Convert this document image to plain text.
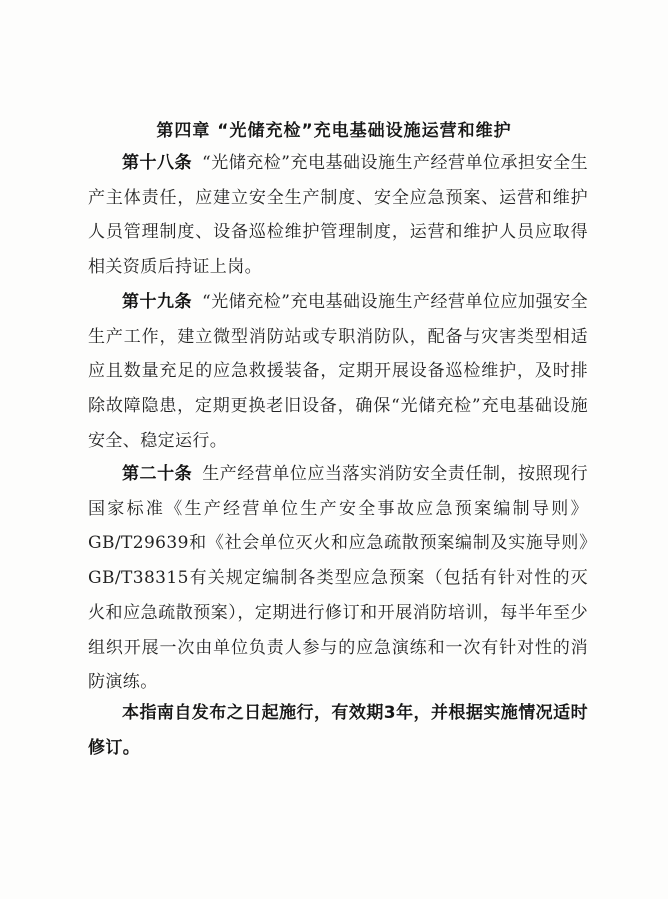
第四章 “光储充检”充电基础设施运营和维护

第十八条 “光储充检”充电基础设施生产经营单位承担安全生产主体责任，应建立安全生产制度、安全应急预案、运营和维护人员管理制度、设备巡检维护管理制度，运营和维护人员应取得相关资质后持证上岗。

第十九条 “光储充检”充电基础设施生产经营单位应加强安全生产工作，建立微型消防站或专职消防队，配备与灾害类型相适应且数量充足的应急救援装备，定期开展设备巡检维护，及时排除故障隐患，定期更换老旧设备，确保“光储充检”充电基础设施安全、稳定运行。

第二十条 生产经营单位应当落实消防安全责任制，按照现行国家标准《生产经营单位生产安全事故应急预案编制导则》GB/T29639和《社会单位灭火和应急疏散预案编制及实施导则》GB/T38315有关规定编制各类型应急预案（包括有针对性的灭火和应急疏散预案），定期进行修订和开展消防培训，每半年至少组织开展一次由单位负责人参与的应急演练和一次有针对性的消防演练。

本指南自发布之日起施行，有效期3年，并根据实施情况适时修订。
